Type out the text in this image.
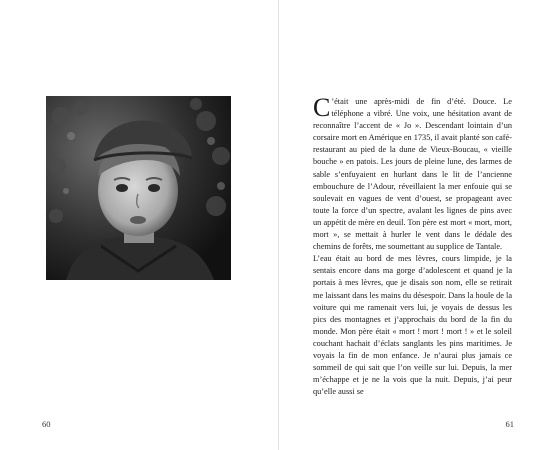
60

C ’était une après-midi de fin d’été. Douce. Le téléphone a vibré. Une voix, une hésitation avant de reconnaître l’accent de « Jo ». Descendant lointain d’un corsaire mort en Amérique en 1735, il avait planté son café-restaurant au pied de la dune de Vieux-Boucau, « vieille bouche » en patois. Les jours de pleine lune, des larmes de sable s’enfuyaient en hurlant dans le lit de l’ancienne embouchure de l’Adour, réveillaient la mer enfouie qui se soulevait en vagues de vent d’ouest, se propageant avec toute la force d’un spectre, avalant les lignes de pins avec un appétit de mère en deuil. Ton père est mort « mort, mort, mort », se mettait à hurler le vent dans le dédale des chemins de forêts, me soumettant au supplice de Tantale.

L’eau était au bord de mes lèvres, cours limpide, je la sentais encore dans ma gorge d’adolescent et quand je la portais à mes lèvres, que je disais son nom, elle se retirait me laissant dans les mains du désespoir. Dans la houle de la voiture qui me ramenait vers lui, je voyais de dessus les pics des montagnes et j’approchais du bord de la fin du monde. Mon père était « mort ! mort ! mort ! » et le soleil couchant hachait d’éclats sanglants les pins maritimes. Je voyais la fin de mon enfance. Je n’aurai plus jamais ce sommeil de qui sait que l’on veille sur lui. Depuis, la mer m’échappe et je ne la vois que la nuit. Depuis, j’ai peur qu’elle aussi se

61
